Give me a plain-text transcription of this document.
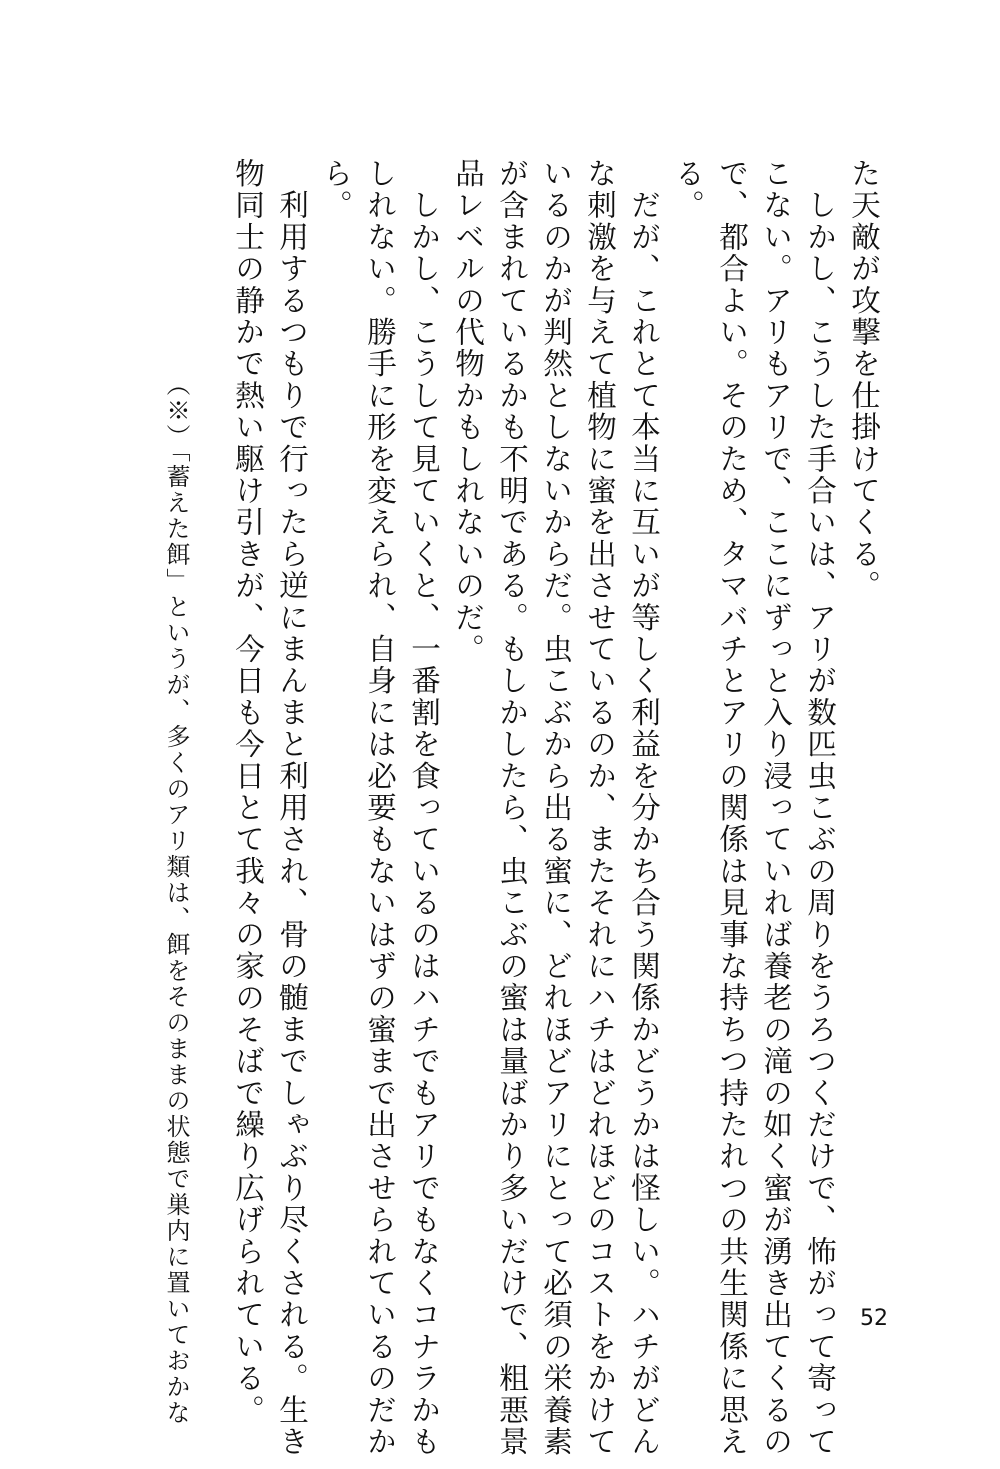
た天敵が攻撃を仕掛けてくる。
　しかし、こうした手合いは、アリが数匹虫こぶの周りをうろつくだけで、怖がって寄って
こない。アリもアリで、ここにずっと入り浸っていれば養老の滝の如く蜜が湧き出てくるの
で、都合よい。そのため、タマバチとアリの関係は見事な持ちつ持たれつの共生関係に思え
る。
　だが、これとて本当に互いが等しく利益を分かち合う関係かどうかは怪しい。ハチがどん
な刺激を与えて植物に蜜を出させているのか、またそれにハチはどれほどのコストをかけて
いるのかが判然としないからだ。虫こぶから出る蜜に、どれほどアリにとって必須の栄養素
が含まれているかも不明である。もしかしたら、虫こぶの蜜は量ばかり多いだけで、粗悪景
品レベルの代物かもしれないのだ。
　しかし、こうして見ていくと、一番割を食っているのはハチでもアリでもなくコナラかも
しれない。勝手に形を変えられ、自身には必要もないはずの蜜まで出させられているのだか
ら。
　利用するつもりで行ったら逆にまんまと利用され、骨の髄までしゃぶり尽くされる。生き
物同士の静かで熱い駆け引きが、今日も今日とて我々の家のそばで繰り広げられている。
（※）「蓄えた餌」というが、多くのアリ類は、餌をそのままの状態で巣内に置いておかな	52
